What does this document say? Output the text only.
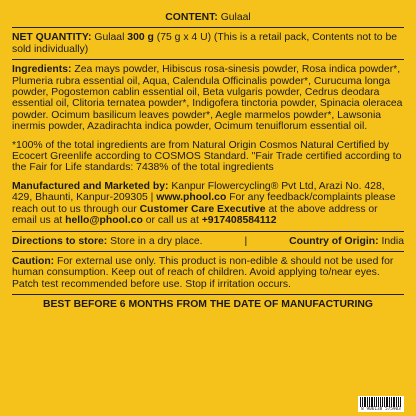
CONTENT: Gulaal

NET QUANTITY: Gulaal 300 g (75 g x 4 U) (This is a retail pack, Contents not to be sold individually)

Ingredients: Zea mays powder, Hibiscus rosa-sinesis powder, Rosa indica powder*, Plumeria rubra essential oil, Aqua, Calendula Officinalis powder*, Curucuma longa powder, Pogostemon cablin essential oil, Beta vulgaris powder, Cedrus deodara essential oil, Clitoria ternatea powder*, Indigofera tinctoria powder, Spinacia oleracea powder. Ocimum basilicum leaves powder*, Aegle marmelos powder*, Lawsonia inermis powder, Azadirachta indica powder, Ocimum tenuiflorum essential oil.

*100% of the total ingredients are from Natural Origin Cosmos Natural Certified by Ecocert Greenlife according to COSMOS Standard. "Fair Trade certified according to the Fair for Life standards: 7438% of the total ingredients

Manufactured and Marketed by: Kanpur Flowercycling® Pvt Ltd, Arazi No. 428, 429, Bhaunti, Kanpur-209305 | www.phool.co For any feedback/complaints please reach out to us through our Customer Care Executive at the above address or email us at hello@phool.co or call us at +917408584112

Directions to store: Store in a dry place.	|	Country of Origin: India

Caution: For external use only. This product is non-edible & should not be used for human consumption. Keep out of reach of children. Avoid applying to/near eyes. Patch test recommended before use. Stop if irritation occurs.

BEST BEFORE 6 MONTHS FROM THE DATE OF MANUFACTURING

8 906138 575903
